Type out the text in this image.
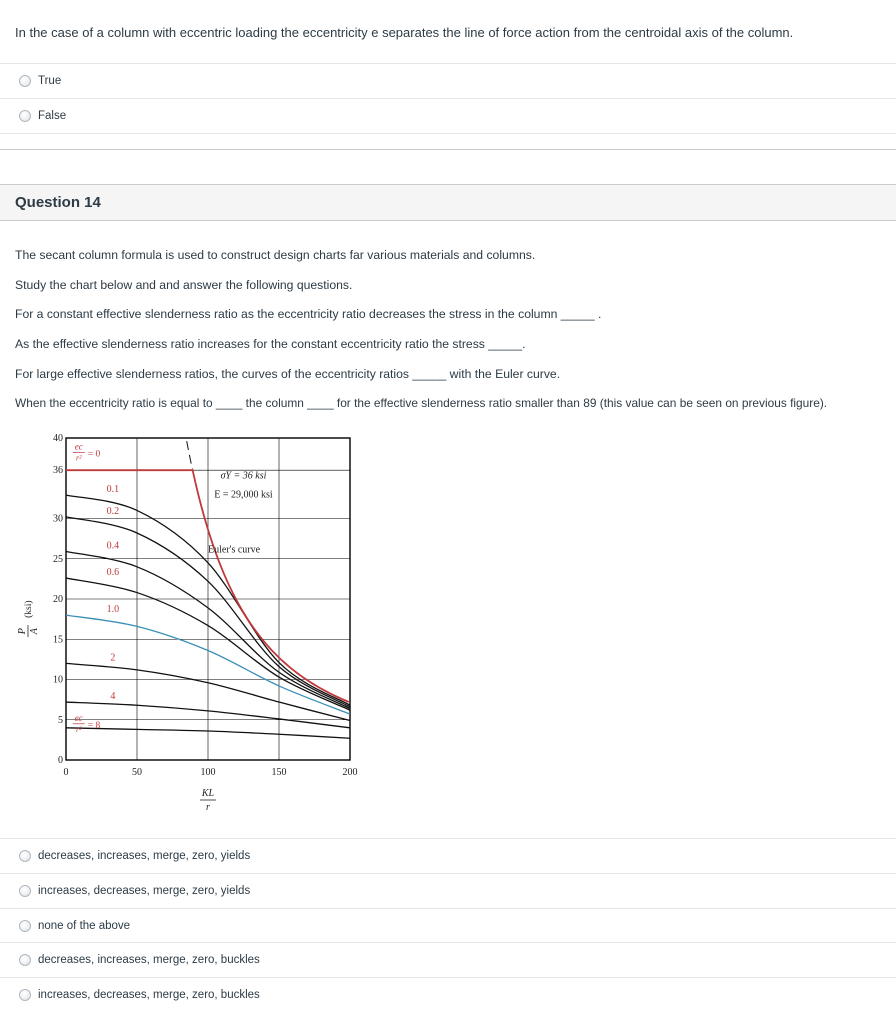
In the case of a column with eccentric loading the eccentricity e separates the line of force action from the centroidal axis of the column.
True
False
Question 14
The secant column formula is used to construct design charts far various materials and columns.
Study the chart below and and answer the following questions.
For a constant effective slenderness ratio as the eccentricity ratio decreases the stress in the column _____ .
As the effective slenderness ratio increases for the constant eccentricity ratio the stress _____.
For large effective slenderness ratios, the curves of the eccentricity ratios _____ with the Euler curve.
When the eccentricity ratio is equal to ____ the column ____ for the effective slenderness ratio smaller than 89 (this value can be seen on previous figure).
0	50	100	150	200
0
5
10
15
20
25
30
36
40
KL
r
P A
(ksi)
0.1
0.2
0.4
0.6
1.0
2
4
ec
r² = 0
ec
r² = 8
σY = 36 ksi
E = 29,000 ksi
Euler's curve
decreases, increases, merge, zero, yields
increases, decreases, merge, zero, yields
none of the above
decreases, increases, merge, zero, buckles
increases, decreases, merge, zero, buckles
